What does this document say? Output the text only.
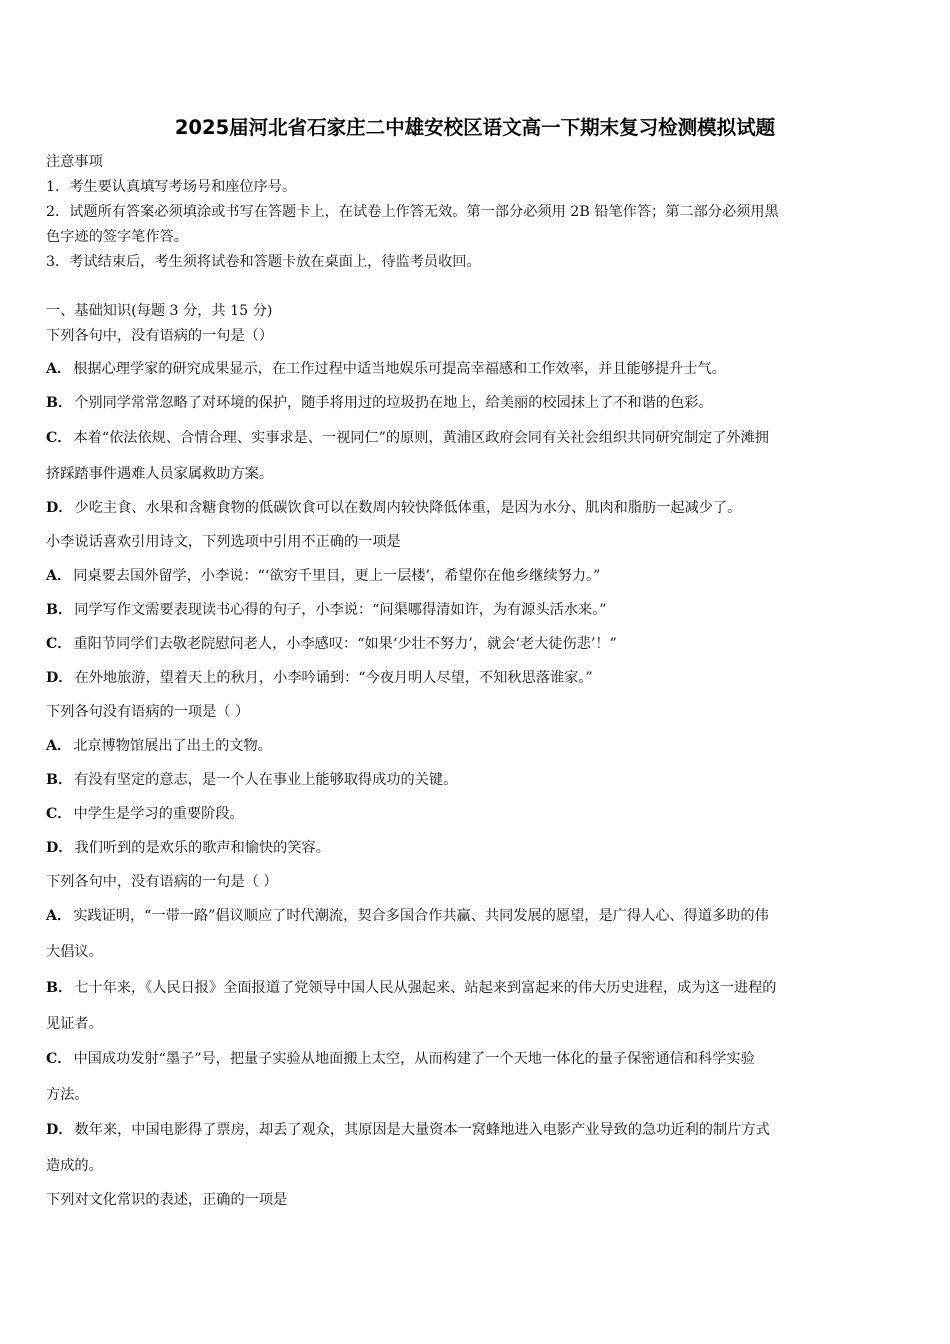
2025届河北省石家庄二中雄安校区语文高一下期末复习检测模拟试题
注意事项
1．考生要认真填写考场号和座位序号。
2．试题所有答案必须填涂或书写在答题卡上，在试卷上作答无效。第一部分必须用 2B 铅笔作答；第二部分必须用黑
色字迹的签字笔作答。
3．考试结束后，考生须将试卷和答题卡放在桌面上，待监考员收回。
一、基础知识(每题 3 分，共 15 分)
下列各句中，没有语病的一句是（）
A． 根据心理学家的研究成果显示，在工作过程中适当地娱乐可提高幸福感和工作效率，并且能够提升士气。
B． 个别同学常常忽略了对环境的保护，随手将用过的垃圾扔在地上，给美丽的校园抹上了不和谐的色彩。
C． 本着“依法依规、合情合理、实事求是、一视同仁”的原则，黄浦区政府会同有关社会组织共同研究制定了外滩拥
挤踩踏事件遇难人员家属救助方案。
D． 少吃主食、水果和含糖食物的低碳饮食可以在数周内较快降低体重，是因为水分、肌肉和脂肪一起减少了。
小李说话喜欢引用诗文，下列选项中引用不正确的一项是
A． 同桌要去国外留学，小李说：“‘欲穷千里目，更上一层楼’，希望你在他乡继续努力。”
B． 同学写作文需要表现读书心得的句子，小李说：“问渠哪得清如许，为有源头活水来。”
C． 重阳节同学们去敬老院慰问老人，小李感叹：“如果‘少壮不努力’，就会‘老大徒伤悲’！”
D． 在外地旅游，望着天上的秋月，小李吟诵到：“今夜月明人尽望，不知秋思落谁家。”
下列各句没有语病的一项是（ ）
A． 北京博物馆展出了出土的文物。
B． 有没有坚定的意志，是一个人在事业上能够取得成功的关键。
C． 中学生是学习的重要阶段。
D． 我们听到的是欢乐的歌声和愉快的笑容。
下列各句中，没有语病的一句是（ ）
A． 实践证明，“一带一路”倡议顺应了时代潮流，契合多国合作共赢、共同发展的愿望，是广得人心、得道多助的伟
大倡议。
B． 七十年来，《人民日报》全面报道了党领导中国人民从强起来、站起来到富起来的伟大历史进程，成为这一进程的
见证者。
C． 中国成功发射“墨子”号，把量子实验从地面搬上太空，从而构建了一个天地一体化的量子保密通信和科学实验
方法。
D． 数年来，中国电影得了票房，却丢了观众，其原因是大量资本一窝蜂地进入电影产业导致的急功近利的制片方式
造成的。
下列对文化常识的表述，正确的一项是
